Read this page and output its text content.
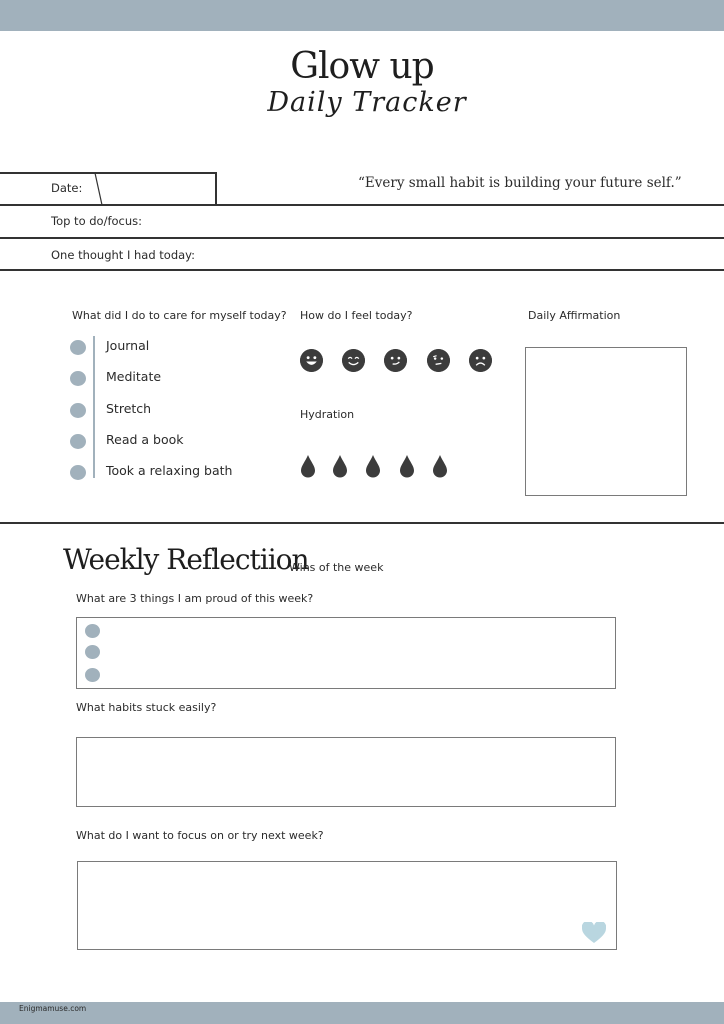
Glow up
Daily Tracker
Date:	“Every small habit is building your future self.”
Top to do/focus:
One thought I had today:
What did I do to care for myself today?
Journal
Meditate
Stretch
Read a book
Took a relaxing bath
How do I feel today?
Hydration
Daily Affirmation
Weekly Reflectiion
Wins of the week
What are 3 things I am proud of this week?
What habits stuck easily?
What do I want to focus on or try next week?
Enigmamuse.com
